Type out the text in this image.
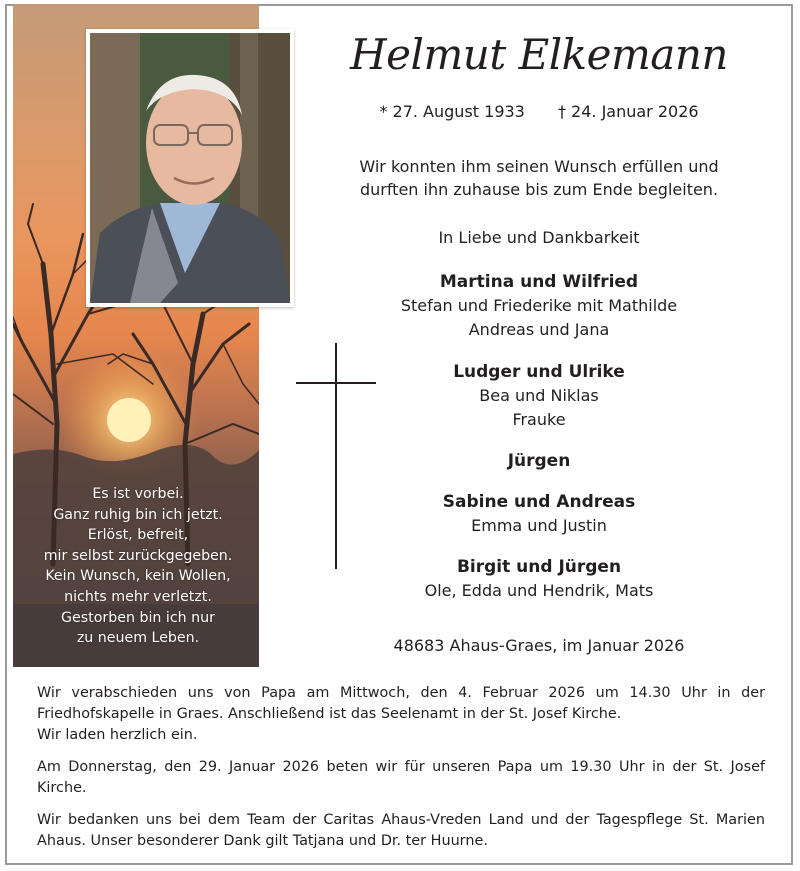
Es ist vorbei.
Ganz ruhig bin ich jetzt.
Erlöst, befreit,
mir selbst zurückgegeben.
Kein Wunsch, kein Wollen,
nichts mehr verletzt.
Gestorben bin ich nur
zu neuem Leben.
Helmut Elkemann
* 27. August 1933 † 24. Januar 2026
Wir konnten ihm seinen Wunsch erfüllen und
durften ihn zuhause bis zum Ende begleiten.
In Liebe und Dankbarkeit
Martina und Wilfried
Stefan und Friederike mit Mathilde
Andreas und Jana
Ludger und Ulrike
Bea und Niklas
Frauke
Jürgen
Sabine und Andreas
Emma und Justin
Birgit und Jürgen
Ole, Edda und Hendrik, Mats
48683 Ahaus-Graes, im Januar 2026

Wir verabschieden uns von Papa am Mittwoch, den 4. Februar 2026 um 14.30 Uhr in der Friedhofskapelle in Graes. Anschließend ist das Seelenamt in der St. Josef Kirche.
Wir laden herzlich ein.

Am Donnerstag, den 29. Januar 2026 beten wir für unseren Papa um 19.30 Uhr in der St. Josef Kirche.

Wir bedanken uns bei dem Team der Caritas Ahaus-Vreden Land und der Tagespflege St. Marien Ahaus. Unser besonderer Dank gilt Tatjana und Dr. ter Huurne.
